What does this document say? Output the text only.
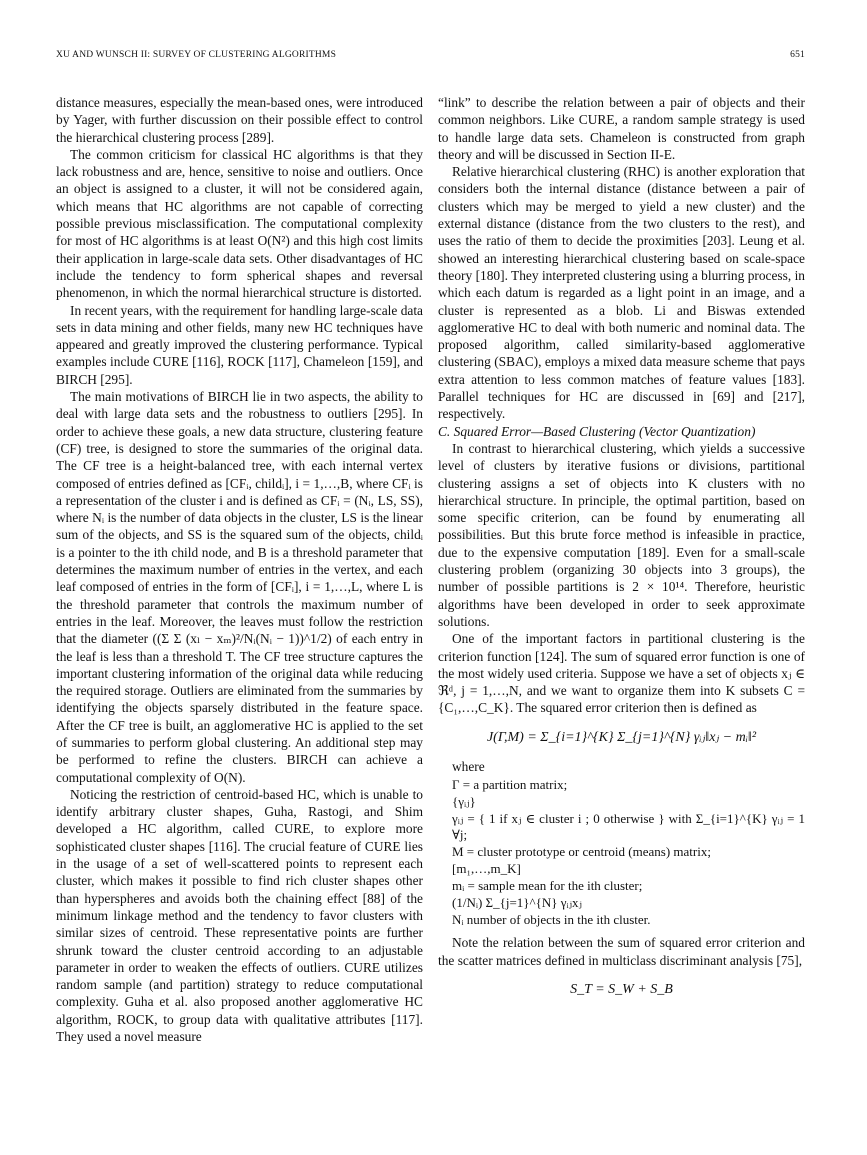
XU AND WUNSCH II: SURVEY OF CLUSTERING ALGORITHMS	651

distance measures, especially the mean-based ones, were introduced by Yager, with further discussion on their possible effect to control the hierarchical clustering process [289].

The common criticism for classical HC algorithms is that they lack robustness and are, hence, sensitive to noise and outliers. Once an object is assigned to a cluster, it will not be considered again, which means that HC algorithms are not capable of correcting possible previous misclassification. The computational complexity for most of HC algorithms is at least O(N²) and this high cost limits their application in large-scale data sets. Other disadvantages of HC include the tendency to form spherical shapes and reversal phenomenon, in which the normal hierarchical structure is distorted.

In recent years, with the requirement for handling large-scale data sets in data mining and other fields, many new HC techniques have appeared and greatly improved the clustering performance. Typical examples include CURE [116], ROCK [117], Chameleon [159], and BIRCH [295].

The main motivations of BIRCH lie in two aspects, the ability to deal with large data sets and the robustness to outliers [295]. In order to achieve these goals, a new data structure, clustering feature (CF) tree, is designed to store the summaries of the original data. The CF tree is a height-balanced tree, with each internal vertex composed of entries defined as [CFᵢ, childᵢ], i = 1,…,B, where CFᵢ is a representation of the cluster i and is defined as CFᵢ = (Nᵢ, LS, SS), where Nᵢ is the number of data objects in the cluster, LS is the linear sum of the objects, and SS is the squared sum of the objects, childᵢ is a pointer to the ith child node, and B is a threshold parameter that determines the maximum number of entries in the vertex, and each leaf composed of entries in the form of [CFᵢ], i = 1,…,L, where L is the threshold parameter that controls the maximum number of entries in the leaf. Moreover, the leaves must follow the restriction that the diameter ((Σ Σ (xₗ − xₘ)²/Nᵢ(Nᵢ − 1))^1/2) of each entry in the leaf is less than a threshold T. The CF tree structure captures the important clustering information of the original data while reducing the required storage. Outliers are eliminated from the summaries by identifying the objects sparsely distributed in the feature space. After the CF tree is built, an agglomerative HC is applied to the set of summaries to perform global clustering. An additional step may be performed to refine the clusters. BIRCH can achieve a computational complexity of O(N).

Noticing the restriction of centroid-based HC, which is unable to identify arbitrary cluster shapes, Guha, Rastogi, and Shim developed a HC algorithm, called CURE, to explore more sophisticated cluster shapes [116]. The crucial feature of CURE lies in the usage of a set of well-scattered points to represent each cluster, which makes it possible to find rich cluster shapes other than hyperspheres and avoids both the chaining effect [88] of the minimum linkage method and the tendency to favor clusters with similar sizes of centroid. These representative points are further shrunk toward the cluster centroid according to an adjustable parameter in order to weaken the effects of outliers. CURE utilizes random sample (and partition) strategy to reduce computational complexity. Guha et al. also proposed another agglomerative HC algorithm, ROCK, to group data with qualitative attributes [117]. They used a novel measure

“link” to describe the relation between a pair of objects and their common neighbors. Like CURE, a random sample strategy is used to handle large data sets. Chameleon is constructed from graph theory and will be discussed in Section II-E.

Relative hierarchical clustering (RHC) is another exploration that considers both the internal distance (distance between a pair of clusters which may be merged to yield a new cluster) and the external distance (distance from the two clusters to the rest), and uses the ratio of them to decide the proximities [203]. Leung et al. showed an interesting hierarchical clustering based on scale-space theory [180]. They interpreted clustering using a blurring process, in which each datum is regarded as a light point in an image, and a cluster is represented as a blob. Li and Biswas extended agglomerative HC to deal with both numeric and nominal data. The proposed algorithm, called similarity-based agglomerative clustering (SBAC), employs a mixed data measure scheme that pays extra attention to less common matches of feature values [183]. Parallel techniques for HC are discussed in [69] and [217], respectively.

C. Squared Error—Based Clustering (Vector Quantization)

In contrast to hierarchical clustering, which yields a successive level of clusters by iterative fusions or divisions, partitional clustering assigns a set of objects into K clusters with no hierarchical structure. In principle, the optimal partition, based on some specific criterion, can be found by enumerating all possibilities. But this brute force method is infeasible in practice, due to the expensive computation [189]. Even for a small-scale clustering problem (organizing 30 objects into 3 groups), the number of possible partitions is 2 × 10¹⁴. Therefore, heuristic algorithms have been developed in order to seek approximate solutions.

One of the important factors in partitional clustering is the criterion function [124]. The sum of squared error function is one of the most widely used criteria. Suppose we have a set of objects xⱼ ∈ ℜᵈ, j = 1,…,N, and we want to organize them into K subsets C = {C₁,…,C_K}. The squared error criterion then is defined as

J(Γ,M) = Σ_{i=1}^{K} Σ_{j=1}^{N} γᵢⱼ‖xⱼ − mᵢ‖²

where

Γ = a partition matrix;
{γᵢⱼ}
γᵢⱼ = { 1 if xⱼ ∈ cluster i ; 0 otherwise } with Σ_{i=1}^{K} γᵢⱼ = 1 ∀j;
M = cluster prototype or centroid (means) matrix;
[m₁,…,m_K]
mᵢ = sample mean for the ith cluster;
(1/Nᵢ) Σ_{j=1}^{N} γᵢⱼxⱼ
Nᵢ number of objects in the ith cluster.

Note the relation between the sum of squared error criterion and the scatter matrices defined in multiclass discriminant analysis [75],

S_T = S_W + S_B
